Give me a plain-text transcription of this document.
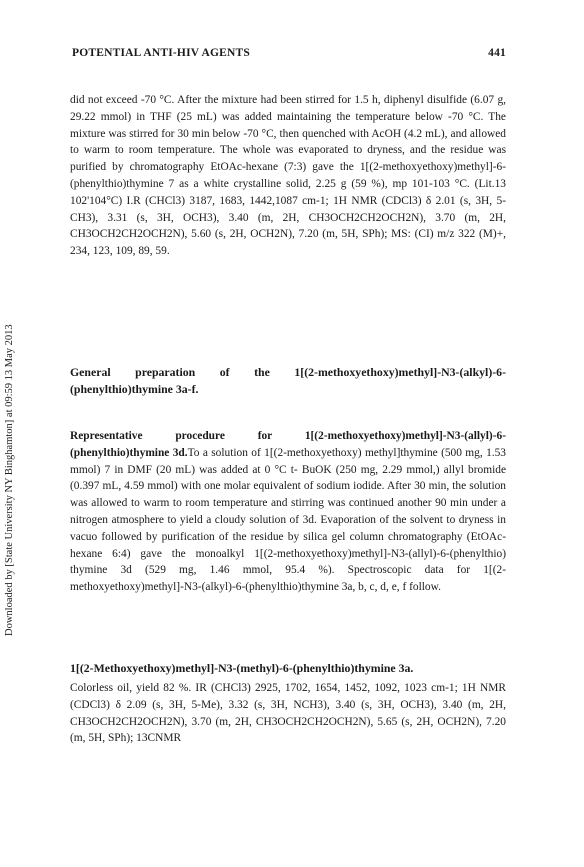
POTENTIAL ANTI-HIV AGENTS	441
Downloaded by [State University NY Binghamton] at 09:59 13 May 2013

did not exceed -70 °C. After the mixture had been stirred for 1.5 h, diphenyl disulfide (6.07 g, 29.22 mmol) in THF (25 mL) was added maintaining the temperature below -70 °C. The mixture was stirred for 30 min below -70 °C, then quenched with AcOH (4.2 mL), and allowed to warm to room temperature. The whole was evaporated to dryness, and the residue was purified by chromatography EtOAc-hexane (7:3) gave the 1[(2-methoxyethoxy)methyl]-6-(phenylthio)thymine 7 as a white crystalline solid, 2.25 g (59 %), mp 101-103 °C. (Lit.13 102'104°C) I.R (CHCl3) 3187, 1683, 1442,1087 cm-1; 1H NMR (CDCl3) δ 2.01 (s, 3H, 5-CH3), 3.31 (s, 3H, OCH3), 3.40 (m, 2H, CH3OCH2CH2OCH2N), 3.70 (m, 2H, CH3OCH2CH2OCH2N), 5.60 (s, 2H, OCH2N), 7.20 (m, 5H, SPh); MS: (CI) m/z 322 (M)+, 234, 123, 109, 89, 59.

General preparation of the 1[(2-methoxyethoxy)methyl]-N3-(alkyl)-6-(phenylthio)thymine 3a-f.

Representative procedure for 1[(2-methoxyethoxy)methyl]-N3-(allyl)-6-(phenylthio)thymine 3d.To a solution of 1[(2-methoxyethoxy) methyl]thymine (500 mg, 1.53 mmol) 7 in DMF (20 mL) was added at 0 °C t- BuOK (250 mg, 2.29 mmol,) allyl bromide (0.397 mL, 4.59 mmol) with one molar equivalent of sodium iodide. After 30 min, the solution was allowed to warm to room temperature and stirring was continued another 90 min under a nitrogen atmosphere to yield a cloudy solution of 3d. Evaporation of the solvent to dryness in vacuo followed by purification of the residue by silica gel column chromatography (EtOAc-hexane 6:4) gave the monoalkyl 1[(2-methoxyethoxy)methyl]-N3-(allyl)-6-(phenylthio) thymine 3d (529 mg, 1.46 mmol, 95.4 %). Spectroscopic data for 1[(2-methoxyethoxy)methyl]-N3-(alkyl)-6-(phenylthio)thymine 3a, b, c, d, e, f follow.

1[(2-Methoxyethoxy)methyl]-N3-(methyl)-6-(phenylthio)thymine 3a.

Colorless oil, yield 82 %. IR (CHCl3) 2925, 1702, 1654, 1452, 1092, 1023 cm-1; 1H NMR (CDCl3) δ 2.09 (s, 3H, 5-Me), 3.32 (s, 3H, NCH3), 3.40 (s, 3H, OCH3), 3.40 (m, 2H, CH3OCH2CH2OCH2N), 3.70 (m, 2H, CH3OCH2CH2OCH2N), 5.65 (s, 2H, OCH2N), 7.20 (m, 5H, SPh); 13CNMR
